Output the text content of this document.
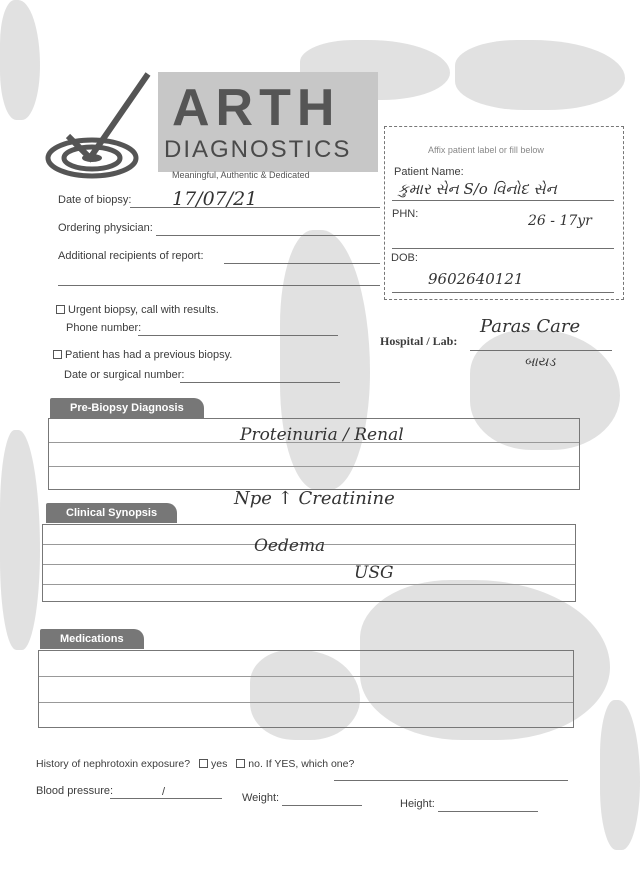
ARTH
DIAGNOSTICS
Meaningful, Authentic & Dedicated
Date of biopsy: 17/07/21
Ordering physician:
Additional recipients of report:
Urgent biopsy, call with results.
Phone number:
Patient has had a previous biopsy.
Date or surgical number:
Affix patient label or fill below
Patient Name:
કુમાર સેન S/o વિનોદ સેન
PHN:	26 - 17yr
DOB:
9602640121
Hospital / Lab:
Paras Care
બાયડ
Pre-Biopsy Diagnosis
Proteinuria / Renal
Clinical Synopsis
Npe ↑ Creatinine
Oedema
USG
Medications
History of nephrotoxin exposure? yes no. If YES, which one?
Blood pressure:	/	Weight:	Height:
